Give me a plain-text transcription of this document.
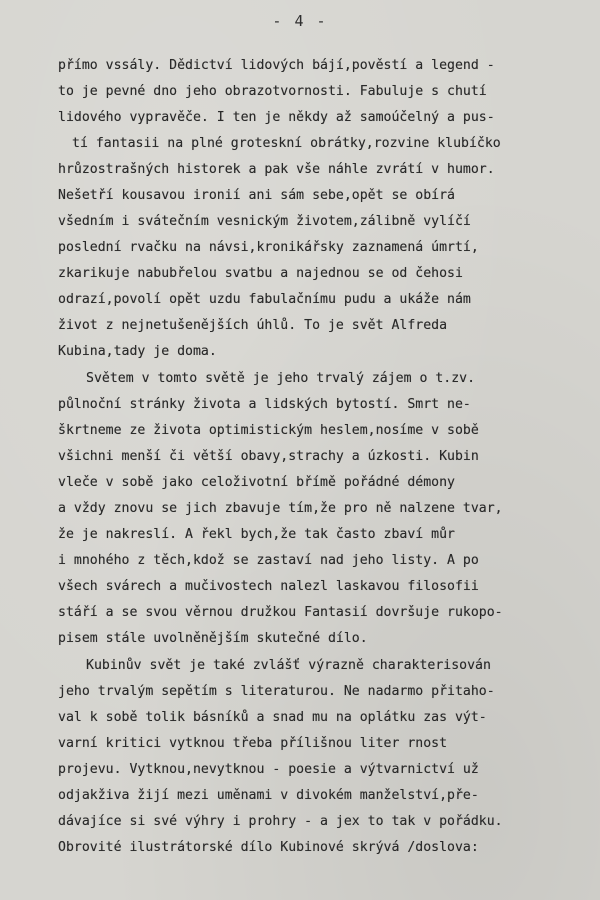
- 4 -
přímo vssály. Dědictví lidových bájí,pověstí a legend -
to je pevné dno jeho obrazotvornosti. Fabuluje s chutí
lidového vypravěče. I ten je někdy až samoúčelný a pus-
tí fantasii na plné groteskní obrátky,rozvine klubíčko
hrůzostrašných historek a pak vše náhle zvrátí v humor.
Nešetří kousavou ironií ani sám sebe,opět se obírá
všedním i svátečním vesnickým životem,zálibně vylíčí
poslední rvačku na návsi,kronikářsky zaznamená úmrtí,
zkarikuje nabubřelou svatbu a najednou se od čehosi
odrazí,povolí opět uzdu fabulačnímu pudu a ukáže nám
život z nejnetušenějších úhlů. To je svět Alfreda
Kubina,tady je doma.
Světem v tomto světě je jeho trvalý zájem o t.zv.
půlnoční stránky života a lidských bytostí. Smrt ne-
škrtneme ze života optimistickým heslem,nosíme v sobě
všichni menší či větší obavy,strachy a úzkosti. Kubin
vleče v sobě jako celoživotní břímě pořádné démony
a vždy znovu se jich zbavuje tím,že pro ně nalzene tvar,
že je nakreslí. A řekl bych,že tak často zbaví můr
i mnohého z těch,kdož se zastaví nad jeho listy. A po
všech svárech a mučivostech nalezl laskavou filosofii
stáří a se svou věrnou družkou Fantasií dovršuje rukopo-
pisem stále uvolněnějším skutečné dílo.
Kubinův svět je také zvlášť výrazně charakterisován
jeho trvalým sepětím s literaturou. Ne nadarmo přitaho-
val k sobě tolik básníků a snad mu na oplátku zas výt-
varní kritici vytknou třeba přílišnou liter rnost
projevu. Vytknou,nevytknou - poesie a výtvarnictví už
odjakživa žijí mezi uměnami v divokém manželství,pře-
dávajíce si své výhry i prohry - a jex to tak v pořádku.
Obrovité ilustrátorské dílo Kubinové skrývá /doslova:
